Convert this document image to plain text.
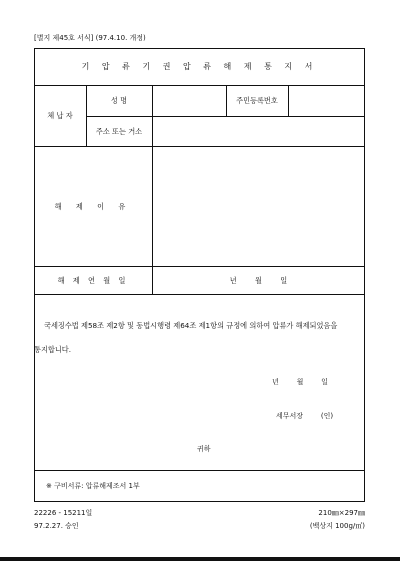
[별지 제45호 서식] (97.4.10. 개정)
기 압 류 기 권 압 류 해 제 통 지 서
체 납 자
성 명	주민등록번호
주소 또는 거소
해 제 이 유
해 제 연 월 일	년        월        일
국세징수법 제58조 제2항 및 동법시행령 제64조 제1항의 규정에 의하여 압류가 해제되었음을
통지합니다.
년        월        일
세무서장        (인)
귀하
※ 구비서류: 압류해제조서 1부
22226 - 15211일
97.2.27. 승인
210㎜×297㎜
(백상지 100g/㎡)
